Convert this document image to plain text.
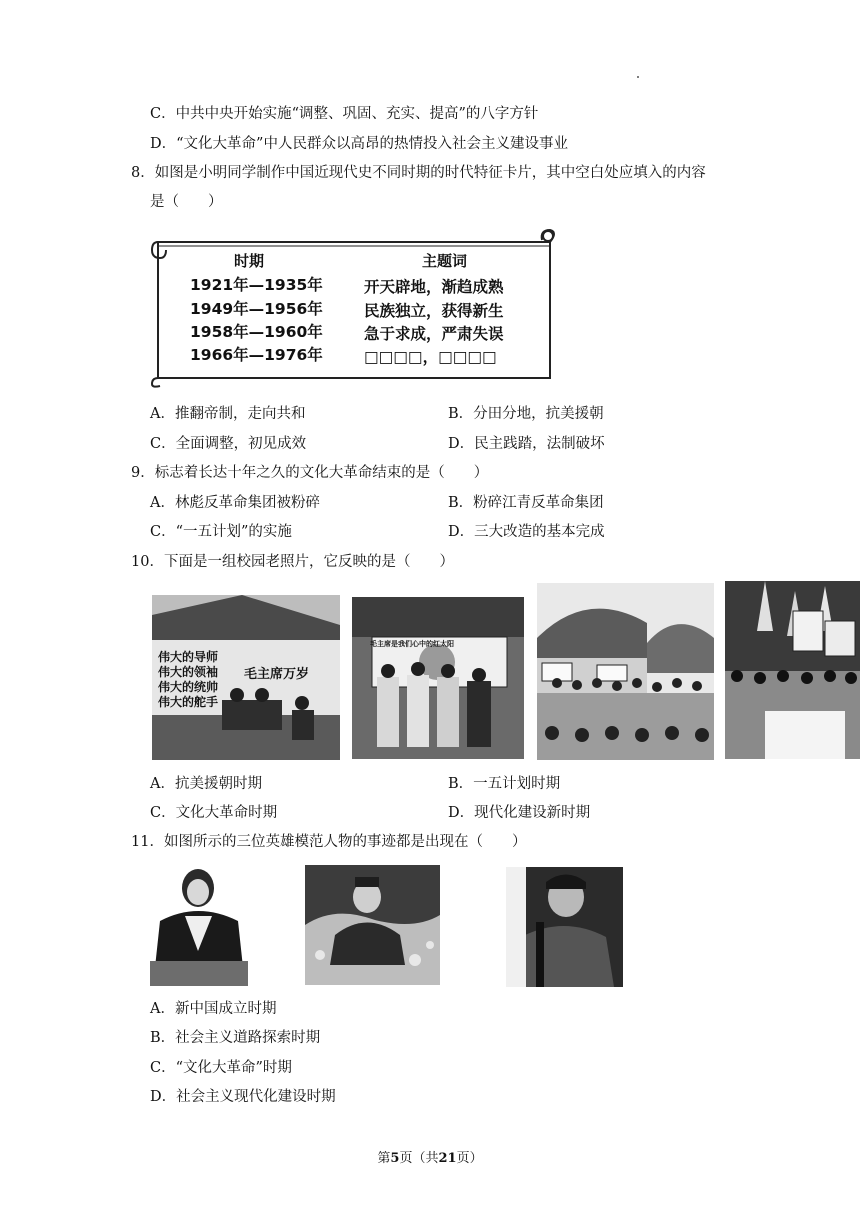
C．中共中央开始实施“调整、巩固、充实、提高”的八字方针
D．“文化大革命”中人民群众以高昂的热情投入社会主义建设事业
8．如图是小明同学制作中国近现代史不同时期的时代特征卡片，其中空白处应填入的内容
是（　　）
时期	主题词
1921年—1935年	开天辟地，渐趋成熟
1949年—1956年	民族独立，获得新生
1958年—1960年	急于求成，严肃失误
1966年—1976年	□□□□，□□□□
A．推翻帝制，走向共和	B．分田分地，抗美援朝
C．全面调整，初见成效	D．民主践踏，法制破坏
9．标志着长达十年之久的文化大革命结束的是（　　）
A．林彪反革命集团被粉碎	B．粉碎江青反革命集团
C．“一五计划”的实施	D．三大改造的基本完成
10．下面是一组校园老照片，它反映的是（　　）
伟大的导师
伟大的领袖
伟大的统帅
伟大的舵手
毛主席万岁
毛主席是我们心中的红太阳
A．抗美援朝时期	B．一五计划时期
C．文化大革命时期	D．现代化建设新时期
11．如图所示的三位英雄模范人物的事迹都是出现在（　　）
A．新中国成立时期
B．社会主义道路探索时期
C．“文化大革命”时期
D．社会主义现代化建设时期
第5页（共21页）
